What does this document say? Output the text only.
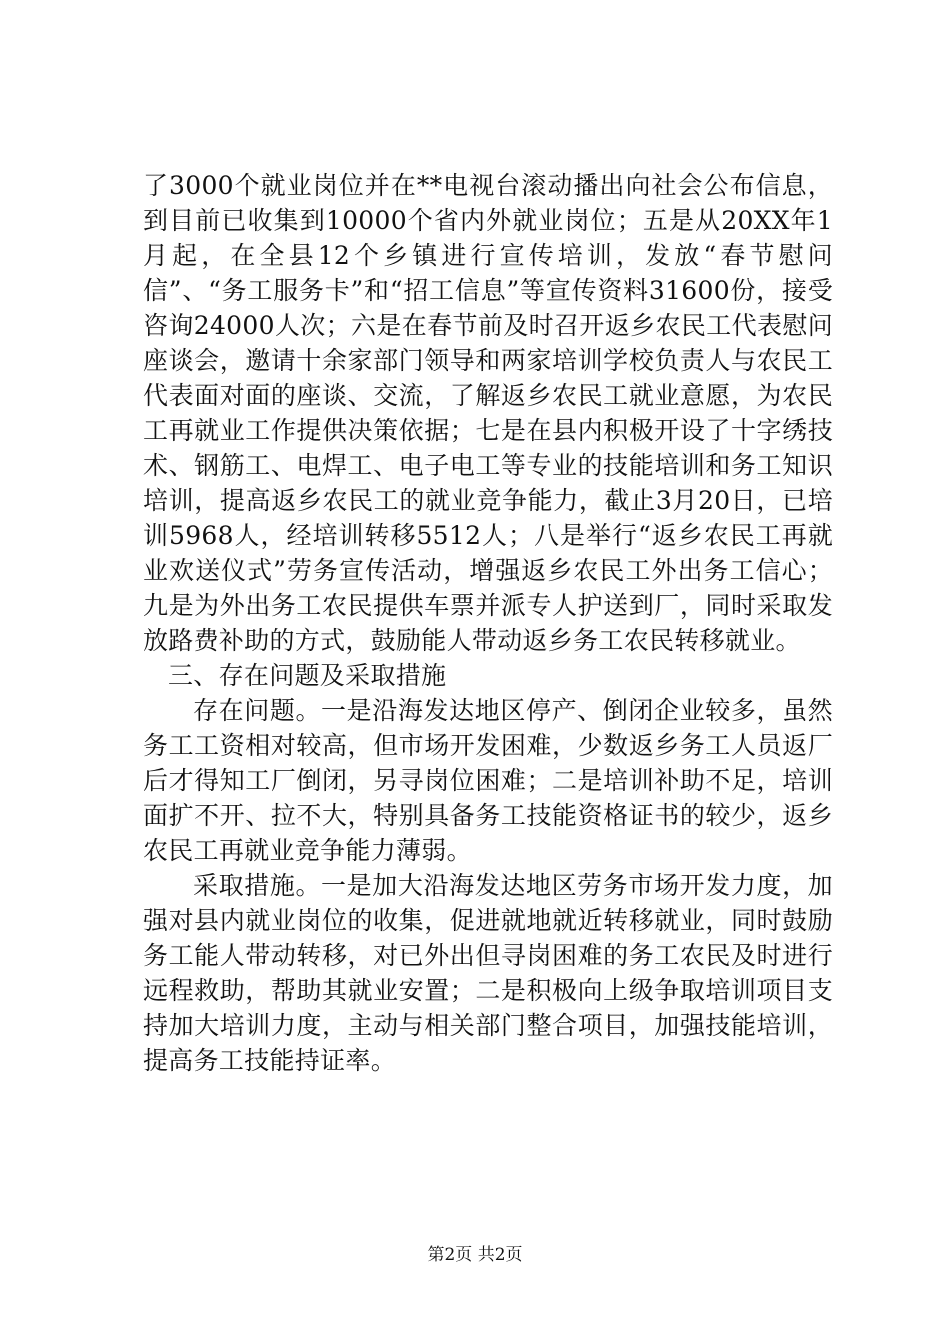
了3000个就业岗位并在**电视台滚动播出向社会公布信息，到目前已收集到10000个省内外就业岗位；五是从20XX年1月起，在全县12个乡镇进行宣传培训，发放“春节慰问信”、“务工服务卡”和“招工信息”等宣传资料31600份，接受咨询24000人次；六是在春节前及时召开返乡农民工代表慰问座谈会，邀请十余家部门领导和两家培训学校负责人与农民工代表面对面的座谈、交流，了解返乡农民工就业意愿，为农民工再就业工作提供决策依据；七是在县内积极开设了十字绣技术、钢筋工、电焊工、电子电工等专业的技能培训和务工知识培训，提高返乡农民工的就业竞争能力，截止3月20日，已培训5968人，经培训转移5512人；八是举行“返乡农民工再就业欢送仪式”劳务宣传活动，增强返乡农民工外出务工信心；九是为外出务工农民提供车票并派专人护送到厂，同时采取发放路费补助的方式，鼓励能人带动返乡务工农民转移就业。

三、存在问题及采取措施

存在问题。一是沿海发达地区停产、倒闭企业较多，虽然务工工资相对较高，但市场开发困难，少数返乡务工人员返厂后才得知工厂倒闭，另寻岗位困难；二是培训补助不足，培训面扩不开、拉不大，特别具备务工技能资格证书的较少，返乡农民工再就业竞争能力薄弱。

采取措施。一是加大沿海发达地区劳务市场开发力度，加强对县内就业岗位的收集，促进就地就近转移就业，同时鼓励务工能人带动转移，对已外出但寻岗困难的务工农民及时进行远程救助，帮助其就业安置；二是积极向上级争取培训项目支持加大培训力度，主动与相关部门整合项目，加强技能培训，提高务工技能持证率。

第2页 共2页
